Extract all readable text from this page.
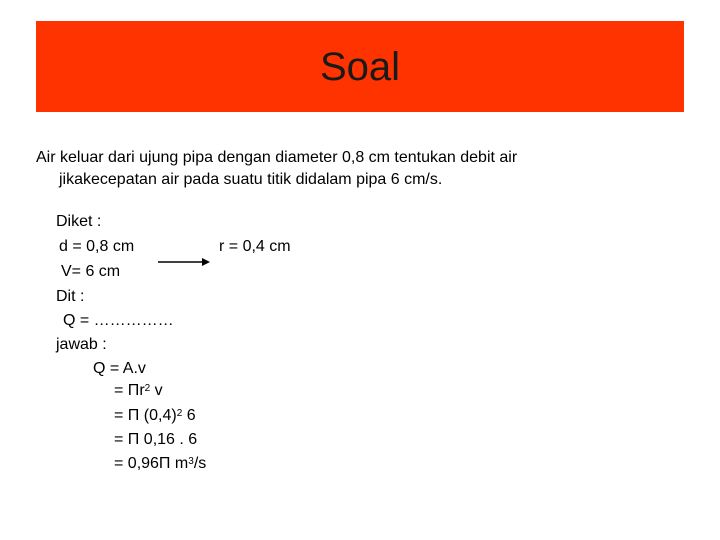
Soal
Air keluar dari ujung pipa dengan diameter 0,8 cm tentukan debit air
jikakecepatan air pada suatu titik didalam pipa 6 cm/s.
Diket :
d = 0,8 cm	r = 0,4 cm
V= 6 cm
Dit :
Q = ……………
jawab :
Q = A.v
= $\Pi r^2$ v
= Π $(0,4)^2$ 6
= Π 0,16 . 6
= 0,96Π $m^3/s$
